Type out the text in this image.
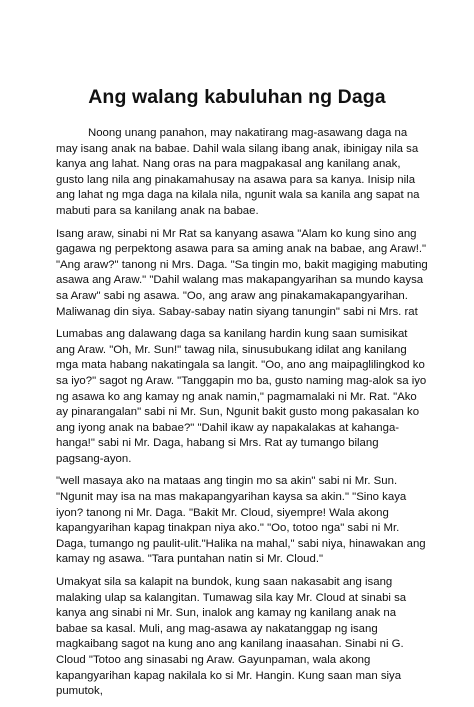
Ang walang kabuluhan ng Daga

Noong unang panahon, may nakatirang mag-asawang daga na may isang anak na babae. Dahil wala silang ibang anak, ibinigay nila sa kanya ang lahat. Nang oras na para magpakasal ang kanilang anak, gusto lang nila ang pinakamahusay na asawa para sa kanya. Inisip nila ang lahat ng mga daga na kilala nila, ngunit wala sa kanila ang sapat na mabuti para sa kanilang anak na babae.

Isang araw, sinabi ni Mr Rat sa kanyang asawa "Alam ko kung sino ang gagawa ng perpektong asawa para sa aming anak na babae, ang Araw!." "Ang araw?" tanong ni Mrs. Daga. "Sa tingin mo, bakit magiging mabuting asawa ang Araw." "Dahil walang mas makapangyarihan sa mundo kaysa sa Araw" sabi ng asawa. "Oo, ang araw ang pinakamakapangyarihan. Maliwanag din siya. Sabay-sabay natin siyang tanungin" sabi ni Mrs. rat

Lumabas ang dalawang daga sa kanilang hardin kung saan sumisikat ang Araw. "Oh, Mr. Sun!" tawag nila, sinusubukang idilat ang kanilang mga mata habang nakatingala sa langit. "Oo, ano ang maipaglilingkod ko sa iyo?" sagot ng Araw. "Tanggapin mo ba, gusto naming mag-alok sa iyo ng asawa ko ang kamay ng anak namin," pagmamalaki ni Mr. Rat. "Ako ay pinarangalan" sabi ni Mr. Sun, Ngunit bakit gusto mong pakasalan ko ang iyong anak na babae?" "Dahil ikaw ay napakalakas at kahanga-hanga!" sabi ni Mr. Daga, habang si Mrs. Rat ay tumango bilang pagsang-ayon.

"well masaya ako na mataas ang tingin mo sa akin" sabi ni Mr. Sun. "Ngunit may isa na mas makapangyarihan kaysa sa akin." "Sino kaya iyon? tanong ni Mr. Daga. "Bakit Mr. Cloud, siyempre! Wala akong kapangyarihan kapag tinakpan niya ako." "Oo, totoo nga" sabi ni Mr. Daga, tumango ng paulit-ulit."Halika na mahal," sabi niya, hinawakan ang kamay ng asawa. "Tara puntahan natin si Mr. Cloud."

Umakyat sila sa kalapit na bundok, kung saan nakasabit ang isang malaking ulap sa kalangitan. Tumawag sila kay Mr. Cloud at sinabi sa kanya ang sinabi ni Mr. Sun, inalok ang kamay ng kanilang anak na babae sa kasal. Muli, ang mag-asawa ay nakatanggap ng isang magkaibang sagot na kung ano ang kanilang inaasahan. Sinabi ni G. Cloud "Totoo ang sinasabi ng Araw. Gayunpaman, wala akong kapangyarihan kapag nakilala ko si Mr. Hangin. Kung saan man siya pumutok,
